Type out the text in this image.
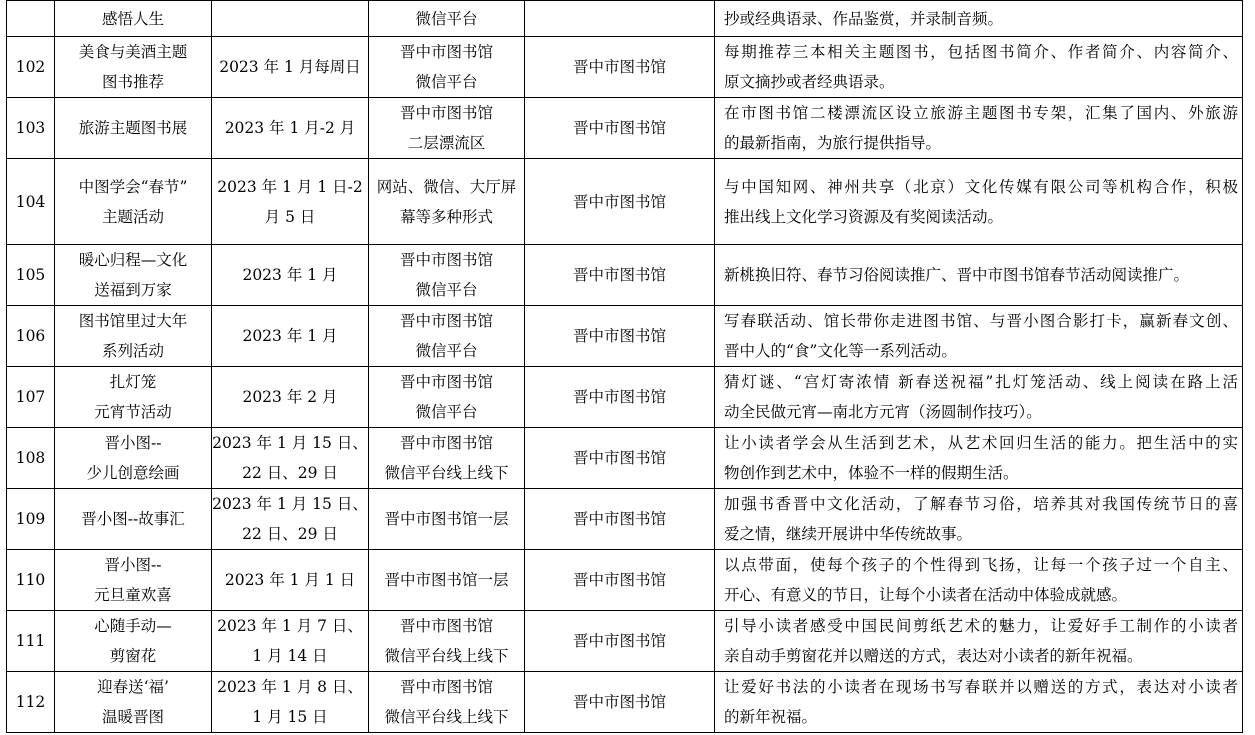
	感悟人生		微信平台		抄或经典语录、作品鉴赏，并录制音频。

102	美食与美酒主题
图书推荐	2023 年 1 月每周日	晋中市图书馆
微信平台	晋中市图书馆	每期推荐三本相关主题图书，包括图书简介、作者简介、内容简介、
原文摘抄或者经典语录。

103	旅游主题图书展	2023 年 1 月-2 月	晋中市图书馆
二层漂流区	晋中市图书馆	在市图书馆二楼漂流区设立旅游主题图书专架，汇集了国内、外旅游
的最新指南，为旅行提供指导。

104	中图学会“春节”
主题活动	2023 年 1 月 1 日-2
月 5 日	网站、微信、大厅屏
幕等多种形式	晋中市图书馆	与中国知网、神州共享（北京）文化传媒有限公司等机构合作，积极
推出线上文化学习资源及有奖阅读活动。

105	暖心归程—文化
送福到万家	2023 年 1 月	晋中市图书馆
微信平台	晋中市图书馆	新桃换旧符、春节习俗阅读推广、晋中市图书馆春节活动阅读推广。

106	图书馆里过大年
系列活动	2023 年 1 月	晋中市图书馆
微信平台	晋中市图书馆	写春联活动、馆长带你走进图书馆、与晋小图合影打卡，赢新春文创、
晋中人的“食”文化等一系列活动。

107	扎灯笼
元宵节活动	2023 年 2 月	晋中市图书馆
微信平台	晋中市图书馆	猜灯谜、“宫灯寄浓情 新春送祝福”扎灯笼活动、线上阅读在路上活
动全民做元宵—南北方元宵（汤圆制作技巧）。

108	晋小图--
少儿创意绘画	2023 年 1 月 15 日、
22 日、29 日	晋中市图书馆
微信平台线上线下	晋中市图书馆	让小读者学会从生活到艺术，从艺术回归生活的能力。把生活中的实
物创作到艺术中，体验不一样的假期生活。

109	晋小图--故事汇	2023 年 1 月 15 日、
22 日、29 日	晋中市图书馆一层	晋中市图书馆	加强书香晋中文化活动，了解春节习俗，培养其对我国传统节日的喜
爱之情，继续开展讲中华传统故事。

110	晋小图--
元旦童欢喜	2023 年 1 月 1 日	晋中市图书馆一层	晋中市图书馆	以点带面，使每个孩子的个性得到飞扬，让每一个孩子过一个自主、
开心、有意义的节日，让每个小读者在活动中体验成就感。

111	心随手动—
剪窗花	2023 年 1 月 7 日、
1 月 14 日	晋中市图书馆
微信平台线上线下	晋中市图书馆	引导小读者感受中国民间剪纸艺术的魅力，让爱好手工制作的小读者
亲自动手剪窗花并以赠送的方式，表达对小读者的新年祝福。

112	迎春送‘福’
温暖晋图	2023 年 1 月 8 日、
1 月 15 日	晋中市图书馆
微信平台线上线下	晋中市图书馆	让爱好书法的小读者在现场书写春联并以赠送的方式，表达对小读者
的新年祝福。
